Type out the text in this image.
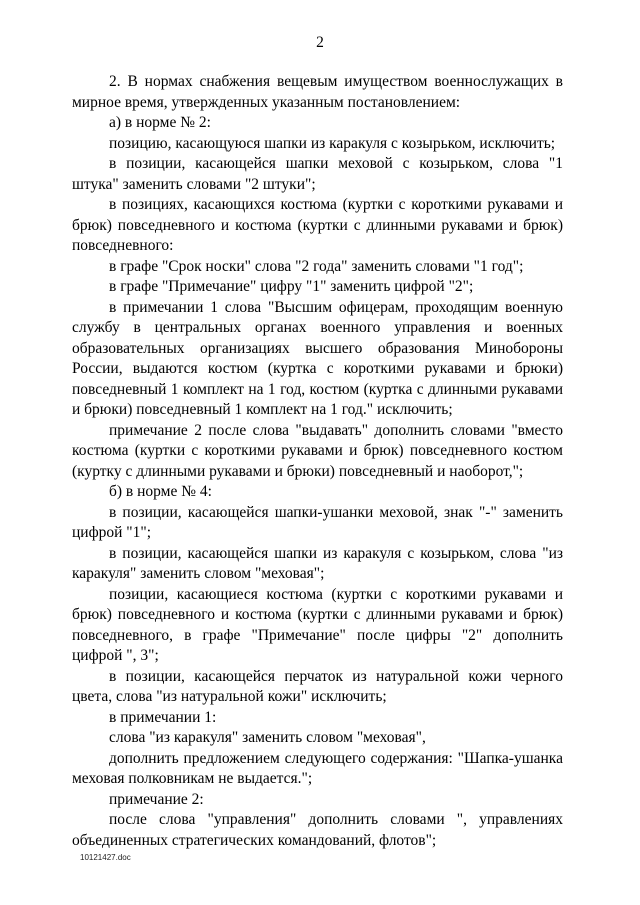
2

2. В нормах снабжения вещевым имуществом военнослужащих в мирное время, утвержденных указанным постановлением:

а) в норме № 2:

позицию, касающуюся шапки из каракуля с козырьком, исключить;

в позиции, касающейся шапки меховой с козырьком, слова "1 штука" заменить словами "2 штуки";

в позициях, касающихся костюма (куртки с короткими рукавами и брюк) повседневного и костюма (куртки с длинными рукавами и брюк) повседневного:

в графе "Срок носки" слова "2 года" заменить словами "1 год";

в графе "Примечание" цифру "1" заменить цифрой "2";

в примечании 1 слова "Высшим офицерам, проходящим военную службу в центральных органах военного управления и военных образовательных организациях высшего образования Минобороны России, выдаются костюм (куртка с короткими рукавами и брюки) повседневный 1 комплект на 1 год, костюм (куртка с длинными рукавами и брюки) повседневный 1 комплект на 1 год." исключить;

примечание 2 после слова "выдавать" дополнить словами "вместо костюма (куртки с короткими рукавами и брюк) повседневного костюм (куртку с длинными рукавами и брюки) повседневный и наоборот,";

б) в норме № 4:

в позиции, касающейся шапки-ушанки меховой, знак "-" заменить цифрой "1";

в позиции, касающейся шапки из каракуля с козырьком, слова "из каракуля" заменить словом "меховая";

позиции, касающиеся костюма (куртки с короткими рукавами и брюк) повседневного и костюма (куртки с длинными рукавами и брюк) повседневного, в графе "Примечание" после цифры "2" дополнить цифрой ", 3";

в позиции, касающейся перчаток из натуральной кожи черного цвета, слова "из натуральной кожи" исключить;

в примечании 1:

слова "из каракуля" заменить словом "меховая",

дополнить предложением следующего содержания: "Шапка-ушанка меховая полковникам не выдается.";

примечание 2:

после слова "управления" дополнить словами ", управлениях объединенных стратегических командований, флотов";

10121427.doc
